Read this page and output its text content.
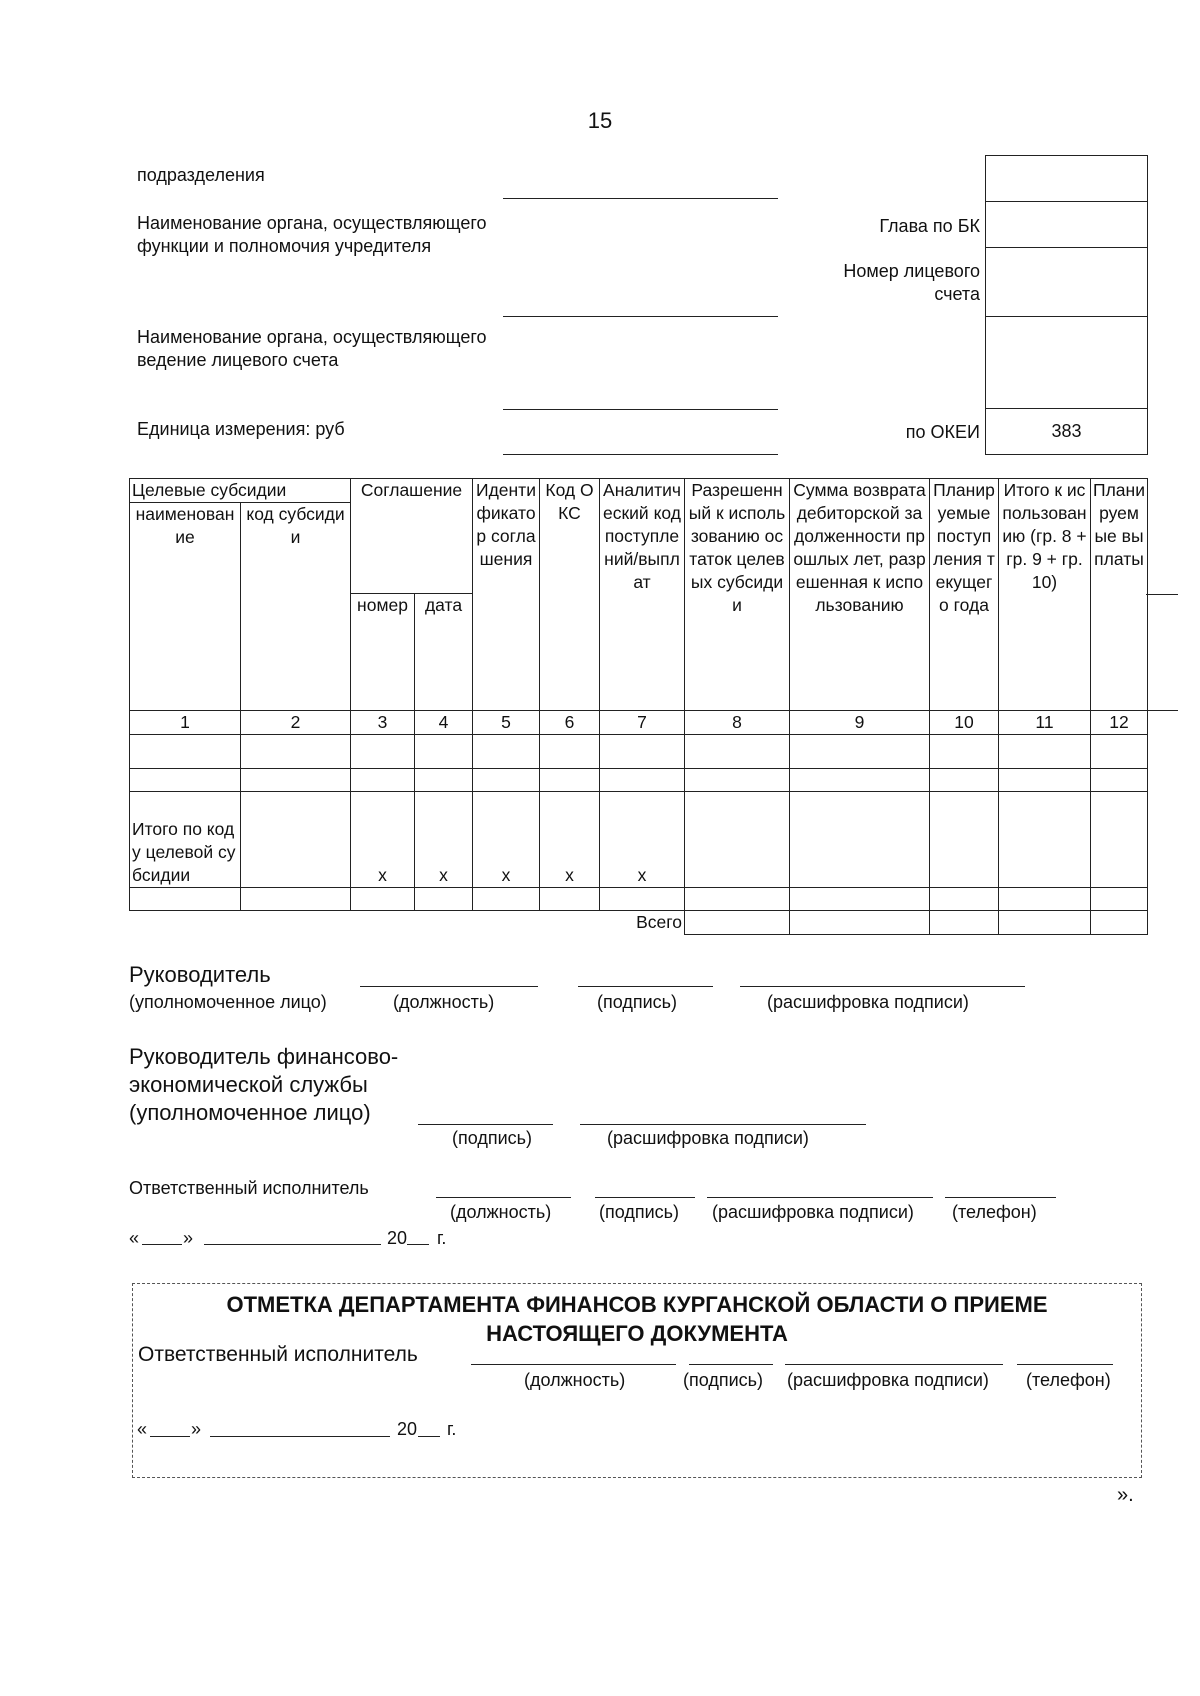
15
подразделения
Наименование органа, осуществляющего функции и полномочия учредителя
Наименование органа, осуществляющего ведение лицевого счета
Единица измерения: руб
Глава по БК
Номер лицевого счета
по ОКЕИ	383
Целевые субсидии		Соглашение		Идентификатор соглашения	Код ОКС	Аналитический код поступлений/выплат	Разрешенный к использованию остаток целевых субсидии	Сумма возврата дебиторской задолженности прошлых лет, разрешенная к использованию	Планируемые поступления текущего года	Итого к использованию (гр. 8 + гр. 9 + гр. 10)	Планируемые выплаты
наименование	код субсидии										
		номер	дата								
1	2	3	4	5	6	7	8	9	10	11	12

Итого по коду целевой субсидии		х	х	х	х	х					

						Всего					
Руководитель
(уполномоченное лицо)	(должность)	(подпись)	(расшифровка подписи)
Руководитель финансово-
экономической службы
(уполномоченное лицо)
(подпись)	(расшифровка подписи)
Ответственный исполнитель
(должность)	(подпись) (расшифровка подписи) (телефон)
« »	20 г.
ОТМЕТКА ДЕПАРТАМЕНТА ФИНАНСОВ КУРГАНСКОЙ ОБЛАСТИ О ПРИЕМЕ
НАСТОЯЩЕГО ДОКУМЕНТА
Ответственный исполнитель
(должность)	(подпись) (расшифровка подписи) (телефон)
« »	20 г.
».
